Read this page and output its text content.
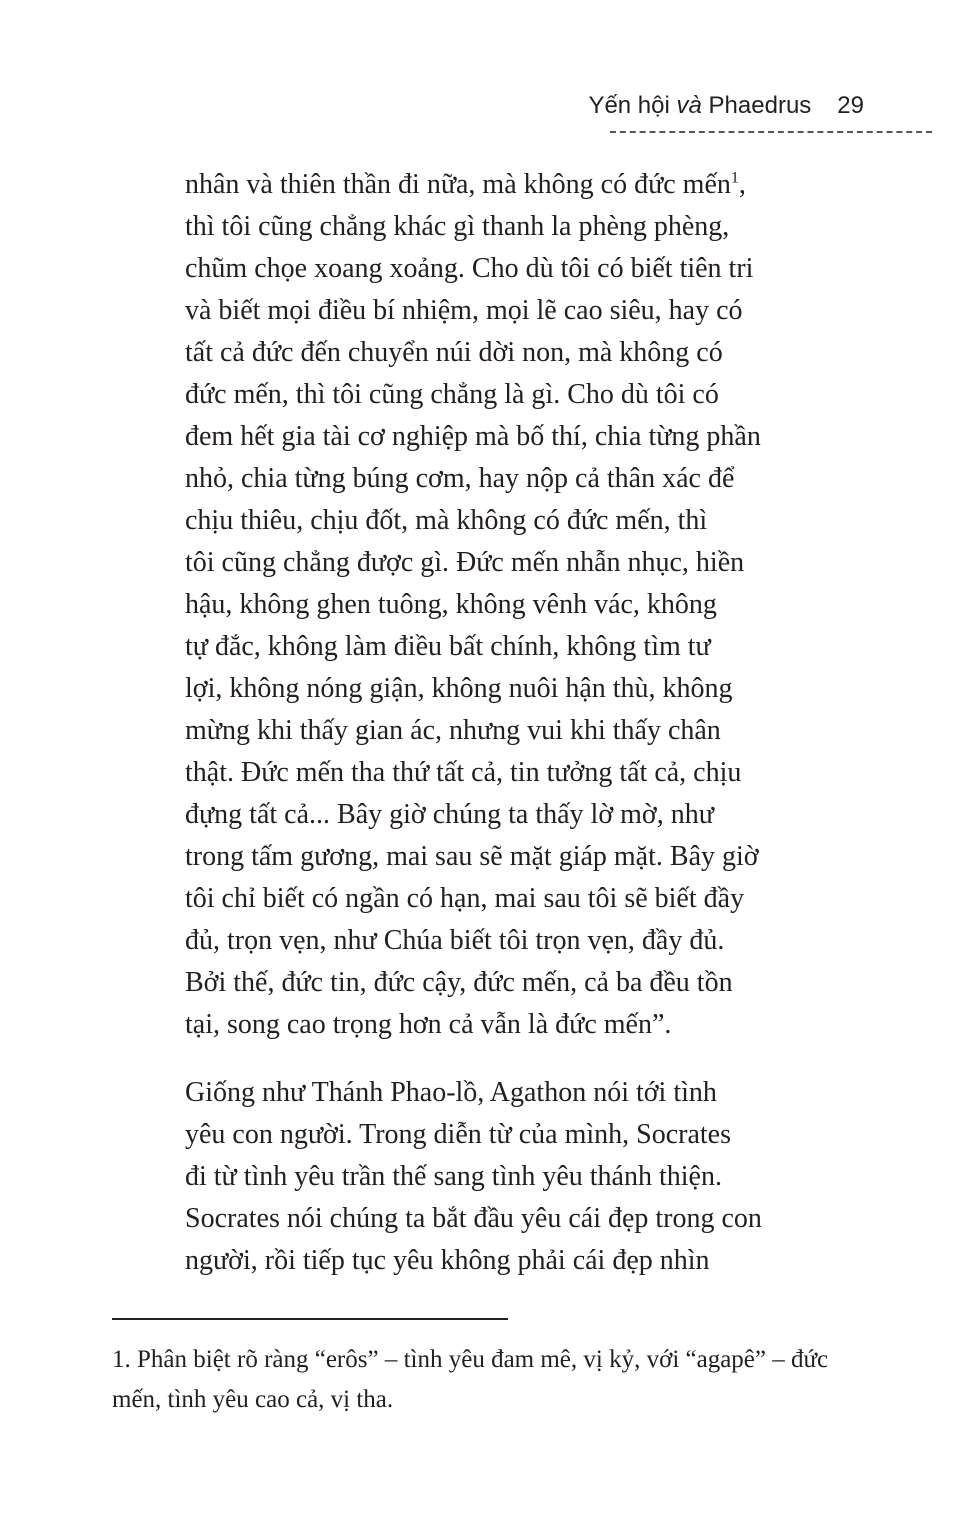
Yến hội và Phaedrus 29
nhân và thiên thần đi nữa, mà không có đức mến$^1$,
thì tôi cũng chẳng khác gì thanh la phèng phèng,
chũm chọe xoang xoảng. Cho dù tôi có biết tiên tri
và biết mọi điều bí nhiệm, mọi lẽ cao siêu, hay có
tất cả đức đến chuyển núi dời non, mà không có
đức mến, thì tôi cũng chẳng là gì. Cho dù tôi có
đem hết gia tài cơ nghiệp mà bố thí, chia từng phần
nhỏ, chia từng búng cơm, hay nộp cả thân xác để
chịu thiêu, chịu đốt, mà không có đức mến, thì
tôi cũng chẳng được gì. Đức mến nhẫn nhục, hiền
hậu, không ghen tuông, không vênh vác, không
tự đắc, không làm điều bất chính, không tìm tư
lợi, không nóng giận, không nuôi hận thù, không
mừng khi thấy gian ác, nhưng vui khi thấy chân
thật. Đức mến tha thứ tất cả, tin tưởng tất cả, chịu
đựng tất cả... Bây giờ chúng ta thấy lờ mờ, như
trong tấm gương, mai sau sẽ mặt giáp mặt. Bây giờ
tôi chỉ biết có ngần có hạn, mai sau tôi sẽ biết đầy
đủ, trọn vẹn, như Chúa biết tôi trọn vẹn, đầy đủ.
Bởi thế, đức tin, đức cậy, đức mến, cả ba đều tồn
tại, song cao trọng hơn cả vẫn là đức mến”.
Giống như Thánh Phao-lồ, Agathon nói tới tình
yêu con người. Trong diễn từ của mình, Socrates
đi từ tình yêu trần thế sang tình yêu thánh thiện.
Socrates nói chúng ta bắt đầu yêu cái đẹp trong con
người, rồi tiếp tục yêu không phải cái đẹp nhìn
1. Phân biệt rõ ràng “erôs” – tình yêu đam mê, vị kỷ, với “agapê” – đức
mến, tình yêu cao cả, vị tha.
